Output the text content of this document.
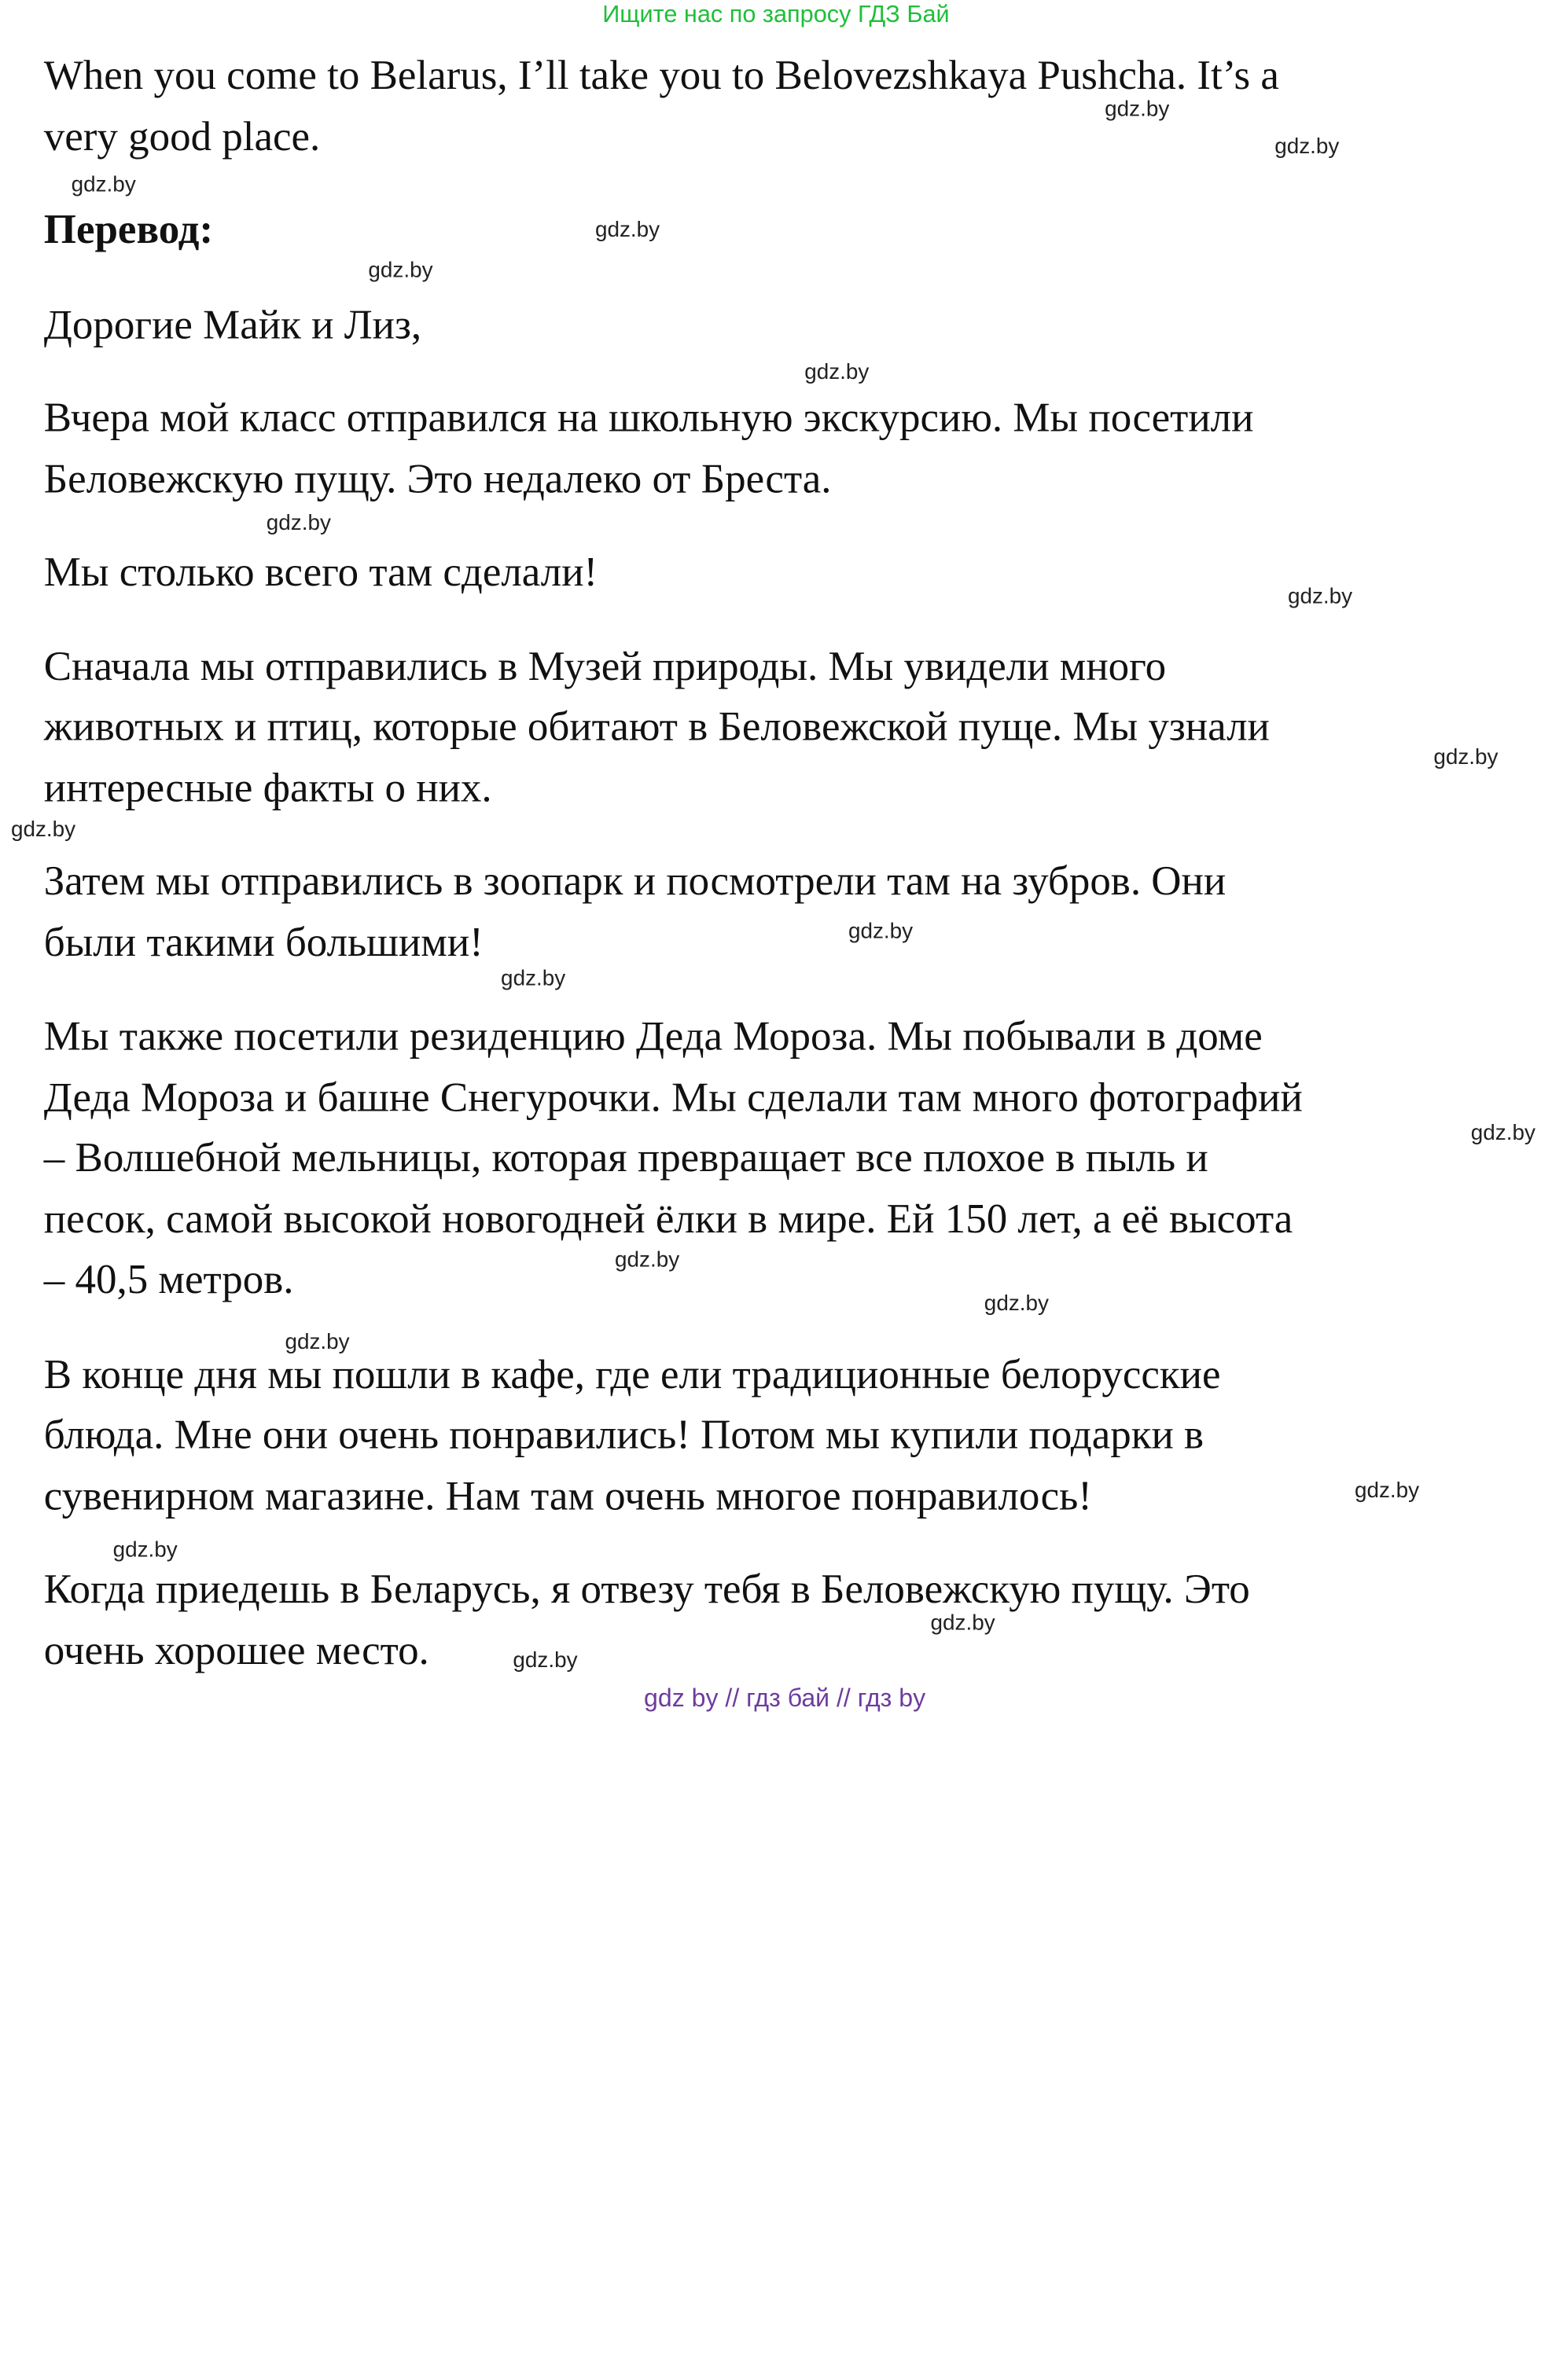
Ищите нас по запросу ГДЗ Бай
When you come to Belarus, I’ll take you to Belovezshkaya Pushcha. It’s a
very good place.
Перевод:
Дорогие Майк и Лиз,
Вчера мой класс отправился на школьную экскурсию. Мы посетили
Беловежскую пущу. Это недалеко от Бреста.
Мы столько всего там сделали!
Сначала мы отправились в Музей природы. Мы увидели много
животных и птиц, которые обитают в Беловежской пуще. Мы узнали
интересные факты о них.
Затем мы отправились в зоопарк и посмотрели там на зубров. Они
были такими большими!
Мы также посетили резиденцию Деда Мороза. Мы побывали в доме
Деда Мороза и башне Снегурочки. Мы сделали там много фотографий
– Волшебной мельницы, которая превращает все плохое в пыль и
песок, самой высокой новогодней ёлки в мире. Ей 150 лет, а её высота
– 40,5 метров.
В конце дня мы пошли в кафе, где ели традиционные белорусские
блюда. Мне они очень понравились! Потом мы купили подарки в
сувенирном магазине. Нам там очень многое понравилось!
Когда приедешь в Беларусь, я отвезу тебя в Беловежскую пущу. Это
очень хорошее место.
gdz.by
gdz.by
gdz.by
gdz.by
gdz.by
gdz.by
gdz.by
gdz.by
gdz.by
gdz.by
gdz.by
gdz.by
gdz.by
gdz.by
gdz.by
gdz.by
gdz.by
gdz.by
gdz.by
gdz.by
gdz by // гдз бай // гдз by
